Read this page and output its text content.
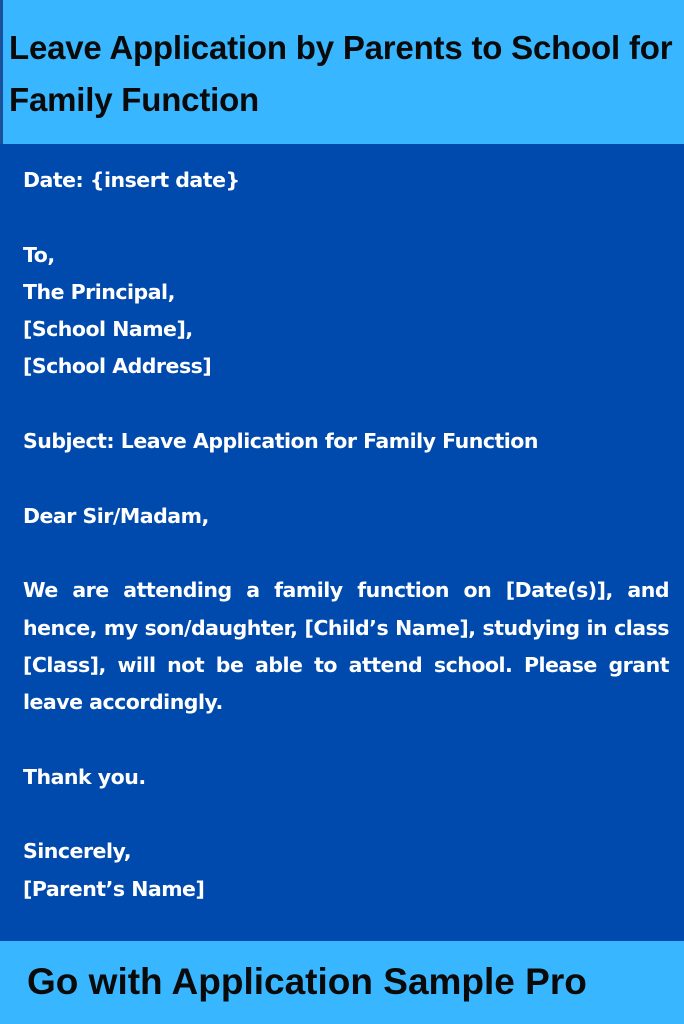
Leave Application by Parents to School for Family Function
Date: {insert date}
To,
The Principal,
[School Name],
[School Address]
Subject: Leave Application for Family Function
Dear Sir/Madam,
We are attending a family function on [Date(s)], and hence, my son/daughter, [Child’s Name], studying in class [Class], will not be able to attend school. Please grant leave accordingly.
Thank you.
Sincerely,
[Parent’s Name]

Go with Application Sample Pro
